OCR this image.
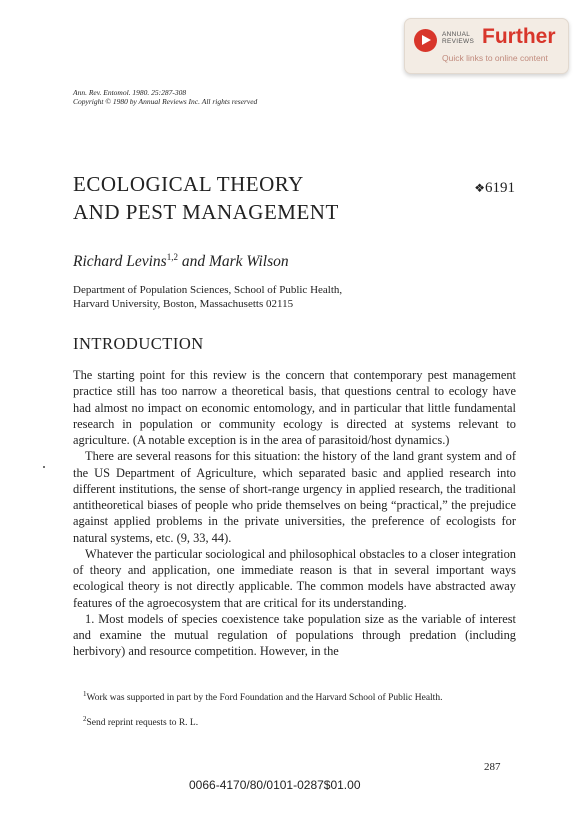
ANNUAL
REVIEWS Further
Quick links to online content
Ann. Rev. Entomol. 1980. 25:287-308
Copyright © 1980 by Annual Reviews Inc. All rights reserved
ECOLOGICAL THEORY
AND PEST MANAGEMENT
❖6191
Richard Levins$^{1,2}$ and Mark Wilson
Department of Population Sciences, School of Public Health,
Harvard University, Boston, Massachusetts 02115
INTRODUCTION

The starting point for this review is the concern that contemporary pest management practice still has too narrow a theoretical basis, that questions central to ecology have had almost no impact on economic entomology, and in particular that little fundamental research in population or community ecology is directed at systems relevant to agriculture. (A notable exception is in the area of parasitoid/host dynamics.)

There are several reasons for this situation: the history of the land grant system and of the US Department of Agriculture, which separated basic and applied research into different institutions, the sense of short-range urgency in applied research, the traditional antitheoretical biases of people who pride themselves on being “practical,” the prejudice against applied problems in the private universities, the preference of ecologists for natural systems, etc. (9, 33, 44).

Whatever the particular sociological and philosophical obstacles to a closer integration of theory and application, one immediate reason is that in several important ways ecological theory is not directly applicable. The common models have abstracted away features of the agroecosystem that are critical for its understanding.

1. Most models of species coexistence take population size as the variable of interest and examine the mutual regulation of populations through predation (including herbivory) and resource competition. However, in the

$^1$Work was supported in part by the Ford Foundation and the Harvard School of Public Health.
$^2$Send reprint requests to R. L.
287
0066-4170/80/0101-0287$01.00
